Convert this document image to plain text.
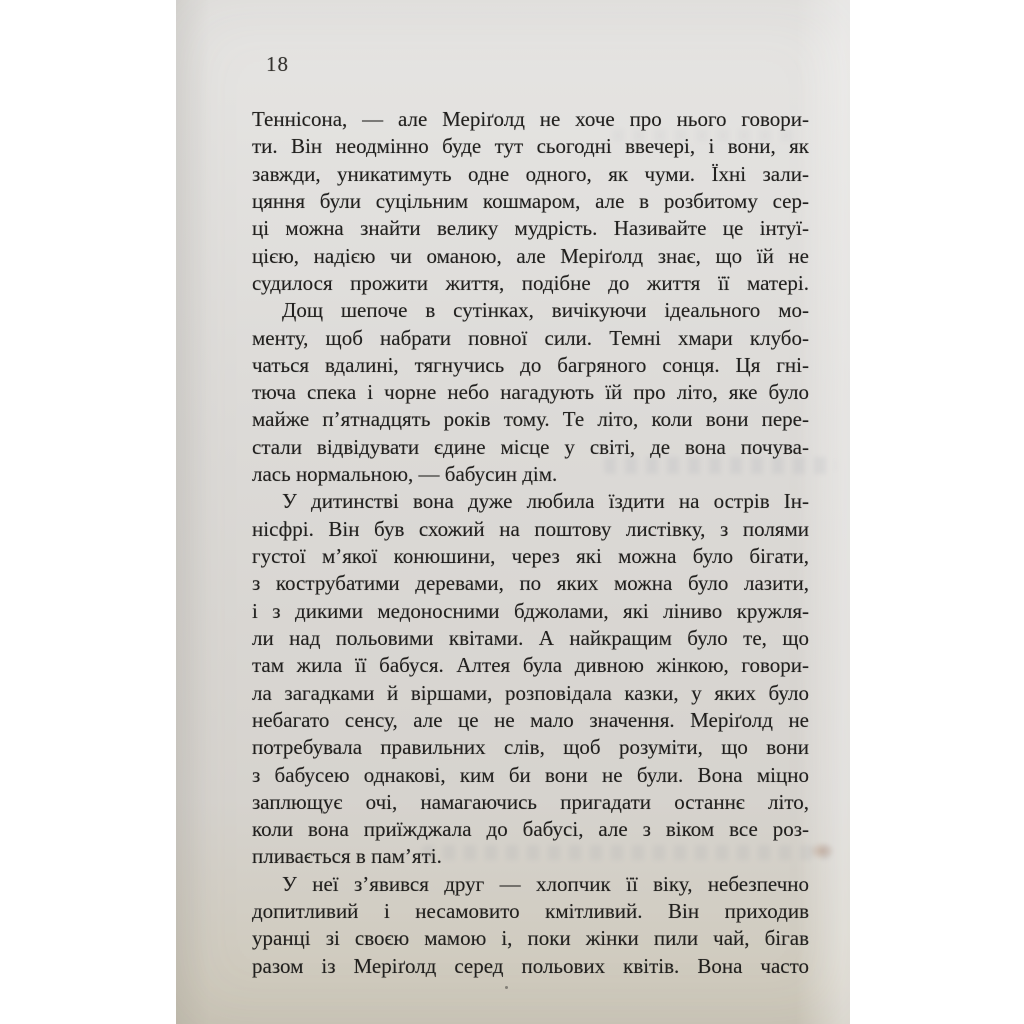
18
Теннісона, — але Меріґолд не хоче про нього говори-
ти. Він неодмінно буде тут сьогодні ввечері, і вони, як
завжди, уникатимуть одне одного, як чуми. Їхні зали-
цяння були суцільним кошмаром, але в розбитому сер-
ці можна знайти велику мудрість. Називайте це інтуї-
цією, надією чи оманою, але Меріґолд знає, що їй не
судилося прожити життя, подібне до життя її матері.
Дощ шепоче в сутінках, вичікуючи ідеального мо-
менту, щоб набрати повної сили. Темні хмари клубо-
чаться вдалині, тягнучись до багряного сонця. Ця гні-
тюча спека і чорне небо нагадують їй про літо, яке було
майже п’ятнадцять років тому. Те літо, коли вони пере-
стали відвідувати єдине місце у світі, де вона почува-
лась нормальною, — бабусин дім.
У дитинстві вона дуже любила їздити на острів Ін-
нісфрі. Він був схожий на поштову листівку, з полями
густої м’якої конюшини, через які можна було бігати,
з кострубатими деревами, по яких можна було лазити,
і з дикими медоносними бджолами, які ліниво кружля-
ли над польовими квітами. А найкращим було те, що
там жила її бабуся. Алтея була дивною жінкою, говори-
ла загадками й віршами, розповідала казки, у яких було
небагато сенсу, але це не мало значення. Меріґолд не
потребувала правильних слів, щоб розуміти, що вони
з бабусею однакові, ким би вони не були. Вона міцно
заплющує очі, намагаючись пригадати останнє літо,
коли вона приїжджала до бабусі, але з віком все роз-
пливається в пам’яті.
У неї з’явився друг — хлопчик її віку, небезпечно
допитливий і несамовито кмітливий. Він приходив
уранці зі своєю мамою і, поки жінки пили чай, бігав
разом із Меріґолд серед польових квітів. Вона часто
